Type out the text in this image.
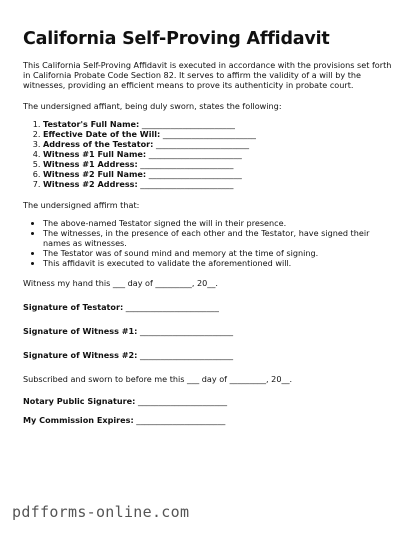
California Self-Proving Affidavit

This California Self-Proving Affidavit is executed in accordance with the provisions set forth in California Probate Code Section 82. It serves to affirm the validity of a will by the witnesses, providing an efficient means to prove its authenticity in probate court.

The undersigned affiant, being duly sworn, states the following:

1. Testator's Full Name: _______________________
2. Effective Date of the Will: _______________________
3. Address of the Testator: _______________________
4. Witness #1 Full Name: _______________________
5. Witness #1 Address: _______________________
6. Witness #2 Full Name: _______________________
7. Witness #2 Address: _______________________

The undersigned affirm that:

• The above-named Testator signed the will in their presence.
• The witnesses, in the presence of each other and the Testator, have signed their names as witnesses.
• The Testator was of sound mind and memory at the time of signing.
• This affidavit is executed to validate the aforementioned will.

Witness my hand this ___ day of _________, 20__.

Signature of Testator: _______________________
Signature of Witness #1: _______________________
Signature of Witness #2: _______________________

Subscribed and sworn to before me this ___ day of _________, 20__.

Notary Public Signature: ______________________
My Commission Expires: ______________________
pdfforms-online.com
